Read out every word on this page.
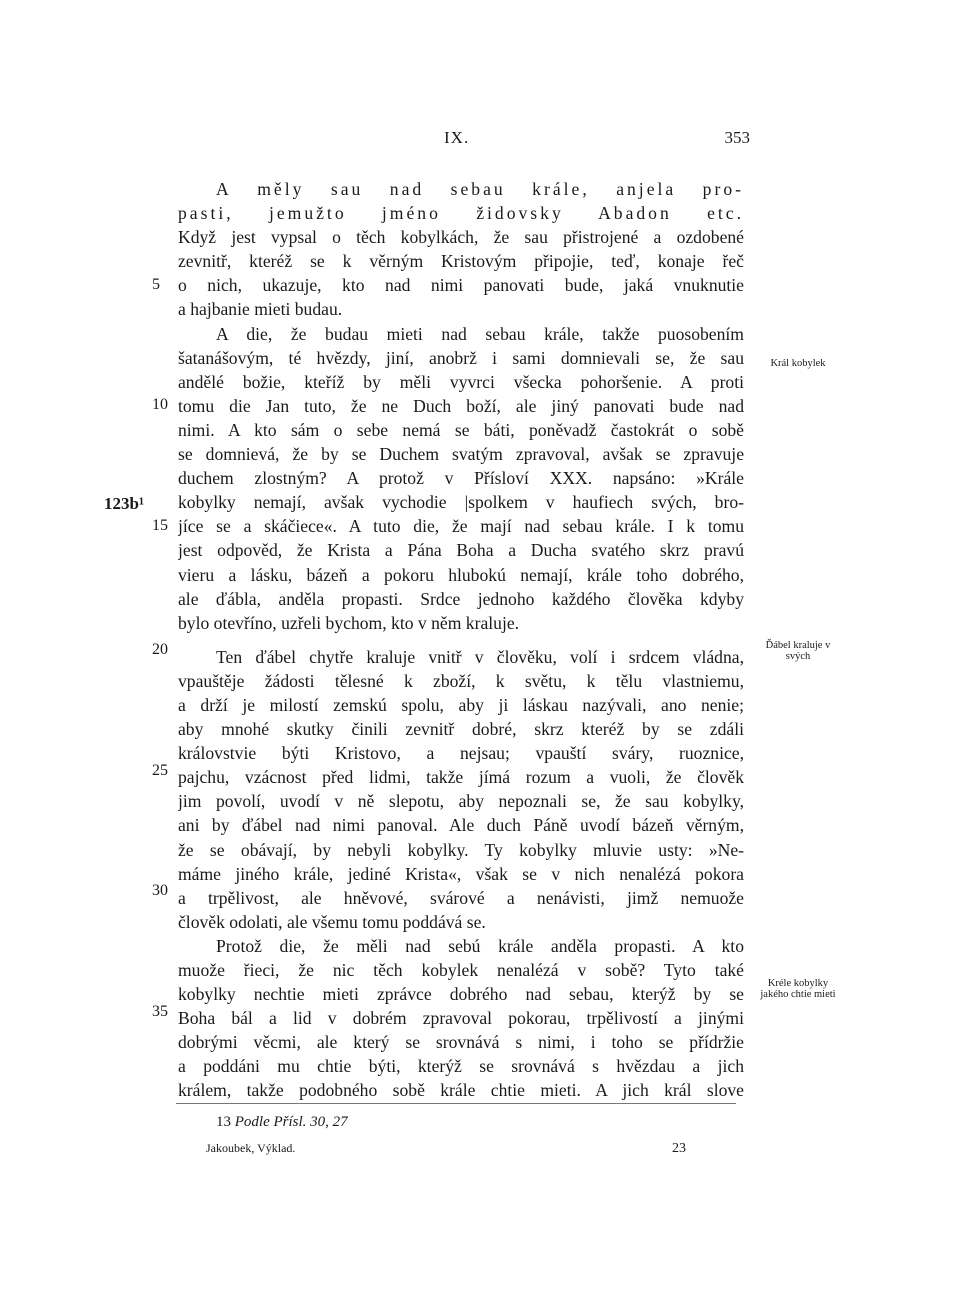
IX.	353
A měly sau nad sebau krále, anjela pro-
pasti, jemužto jméno židovsky Abadon etc.
Když jest vypsal o těch kobylkách, že sau přistrojené a ozdobené
zevnitř, kteréž se k věrným Kristovým připojie, teď, konaje řeč
o nich, ukazuje, kto nad nimi panovati bude, jaká vnuknutie
a hajbanie mieti budau.
A die, že budau mieti nad sebau krále, takže puosobením
šatanášovým, té hvězdy, jiní, anobrž i sami domnievali se, že sau
andělé božie, kteříž by měli vyvrci všecka pohoršenie. A proti
tomu die Jan tuto, že ne Duch boží, ale jiný panovati bude nad
nimi. A kto sám o sebe nemá se báti, poněvadž častokrát o sobě
se domnievá, že by se Duchem svatým zpravoval, avšak se zpravuje
duchem zlostným? A protož v Přísloví XXX. napsáno: »Krále
kobylky nemají, avšak vychodie |spolkem v haufiech svých, bro-
jíce se a skáčiece«. A tuto die, že mají nad sebau krále. I k tomu
jest odpověd, že Krista a Pána Boha a Ducha svatého skrz pravú
vieru a lásku, bázeň a pokoru hlubokú nemají, krále toho dobrého,
ale ďábla, anděla propasti. Srdce jednoho každého člověka kdyby
bylo otevříno, uzřeli bychom, kto v něm kraluje.
Ten ďábel chytře kraluje vnitř v člověku, volí i srdcem vládna,
vpauštěje žádosti tělesné k zboží, k světu, k tělu vlastniemu,
a drží je milostí zemskú spolu, aby ji láskau nazývali, ano nenie;
aby mnohé skutky činili zevnitř dobré, skrz kteréž by se zdáli
královstvie býti Kristovo, a nejsau; vpauští sváry, ruoznice,
pajchu, vzácnost před lidmi, takže jímá rozum a vuoli, že člověk
jim povolí, uvodí v ně slepotu, aby nepoznali se, že sau kobylky,
ani by ďábel nad nimi panoval. Ale duch Páně uvodí bázeň věrným,
že se obávají, by nebyli kobylky. Ty kobylky mluvie usty: »Ne-
máme jiného krále, jediné Krista«, však se v nich nenalézá pokora
a trpělivost, ale hněvové, svárové a nenávisti, jimž nemuože
člověk odolati, ale všemu tomu poddává se.
Protož die, že měli nad sebú krále anděla propasti. A kto
muože řieci, že nic těch kobylek nenalézá v sobě? Tyto také
kobylky nechtie mieti zprávce dobrého nad sebau, kterýž by se
Boha bál a lid v dobrém zpravoval pokorau, trpělivostí a jinými
dobrými věcmi, ale který se srovnává s nimi, i toho se přídržie
a poddáni mu chtie býti, kterýž se srovnává s hvězdau a jich
králem, takže podobného sobě krále chtie mieti. A jich král slove
5
10
15
20
25
30
35
123b¹
Král kobylek
Ďábel kraluje v svých
Kréle kobylky jakého chtie mieti
13 Podle Přísl. 30, 27
Jakoubek, Výklad.	23
